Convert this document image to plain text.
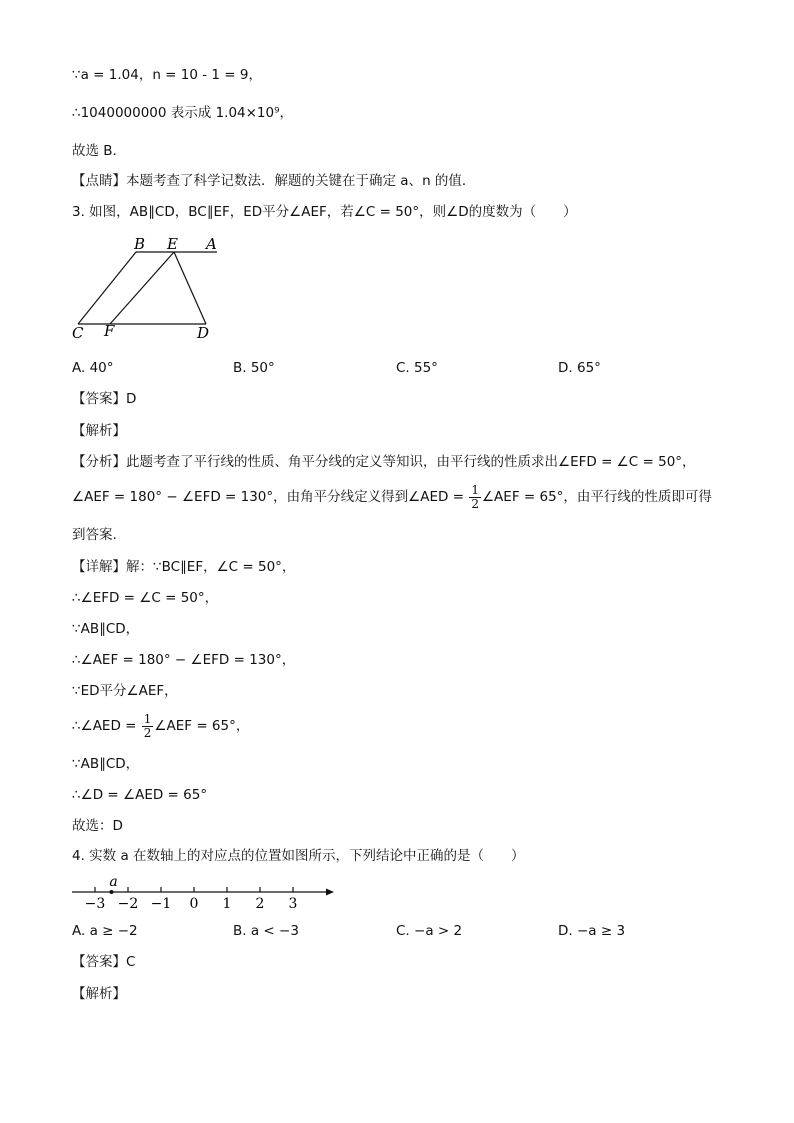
∵a = 1.04，n = 10 - 1 = 9，
∴1040000000 表示成 1.04×10⁹，
故选 B．
【点睛】本题考查了科学记数法．解题的关键在于确定 a、n 的值．
3. 如图，AB∥CD，BC∥EF，ED平分∠AEF，若∠C = 50°，则∠D的度数为（　　）
B E A
C F	D
A. 40°	B. 50°	C. 55°	D. 65°
【答案】D
【解析】
【分析】此题考查了平行线的性质、角平分线的定义等知识，由平行线的性质求出∠EFD = ∠C = 50°，
∠AEF = 180° − ∠EFD = 130°，由角平分线定义得到∠AED = $\frac{1}{2}$ ∠AEF = 65°，由平行线的性质即可得
到答案.
【详解】解：∵BC∥EF，∠C = 50°，
∴∠EFD = ∠C = 50°，
∵AB∥CD，
∴∠AEF = 180° − ∠EFD = 130°，
∵ED平分∠AEF，
∴∠AED = $\frac{1}{2}$ ∠AEF = 65°，
∵AB∥CD，
∴∠D = ∠AED = 65°
故选：D
4. 实数 a 在数轴上的对应点的位置如图所示，下列结论中正确的是（　　）
−3 −2 −1 0 1 2 3
a
A. a ≥ −2	B. a < −3	C. −a > 2	D. −a ≥ 3
【答案】C
【解析】
